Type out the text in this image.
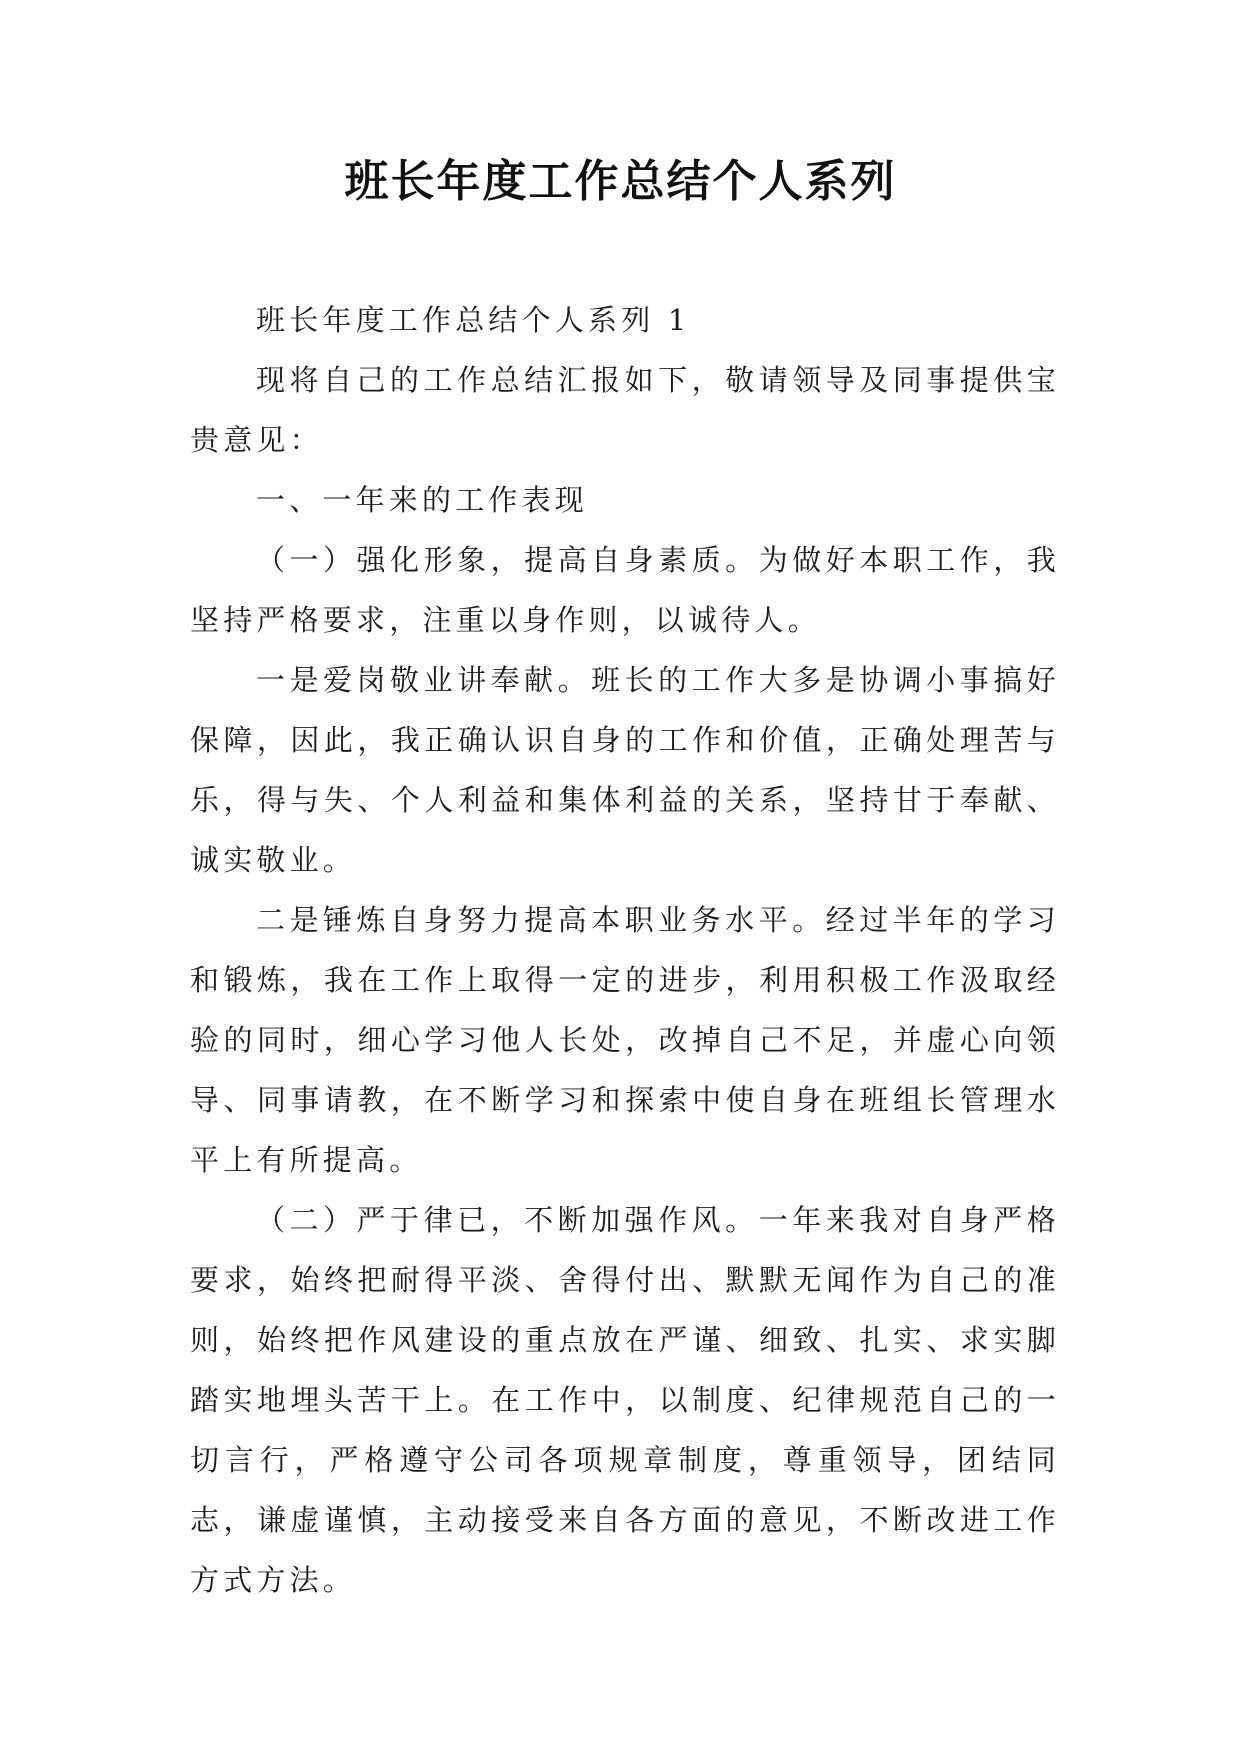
班长年度工作总结个人系列

班长年度工作总结个人系列 1

现将自己的工作总结汇报如下，敬请领导及同事提供宝贵意见：

一、一年来的工作表现

（一）强化形象，提高自身素质。为做好本职工作，我坚持严格要求，注重以身作则，以诚待人。

一是爱岗敬业讲奉献。班长的工作大多是协调小事搞好保障，因此，我正确认识自身的工作和价值，正确处理苦与乐，得与失、个人利益和集体利益的关系，坚持甘于奉献、诚实敬业。

二是锤炼自身努力提高本职业务水平。经过半年的学习和锻炼，我在工作上取得一定的进步，利用积极工作汲取经验的同时，细心学习他人长处，改掉自己不足，并虚心向领导、同事请教，在不断学习和探索中使自身在班组长管理水平上有所提高。

（二）严于律已，不断加强作风。一年来我对自身严格要求，始终把耐得平淡、舍得付出、默默无闻作为自己的准则，始终把作风建设的重点放在严谨、细致、扎实、求实脚踏实地埋头苦干上。在工作中，以制度、纪律规范自己的一切言行，严格遵守公司各项规章制度，尊重领导，团结同志，谦虚谨慎，主动接受来自各方面的意见，不断改进工作方式方法。
